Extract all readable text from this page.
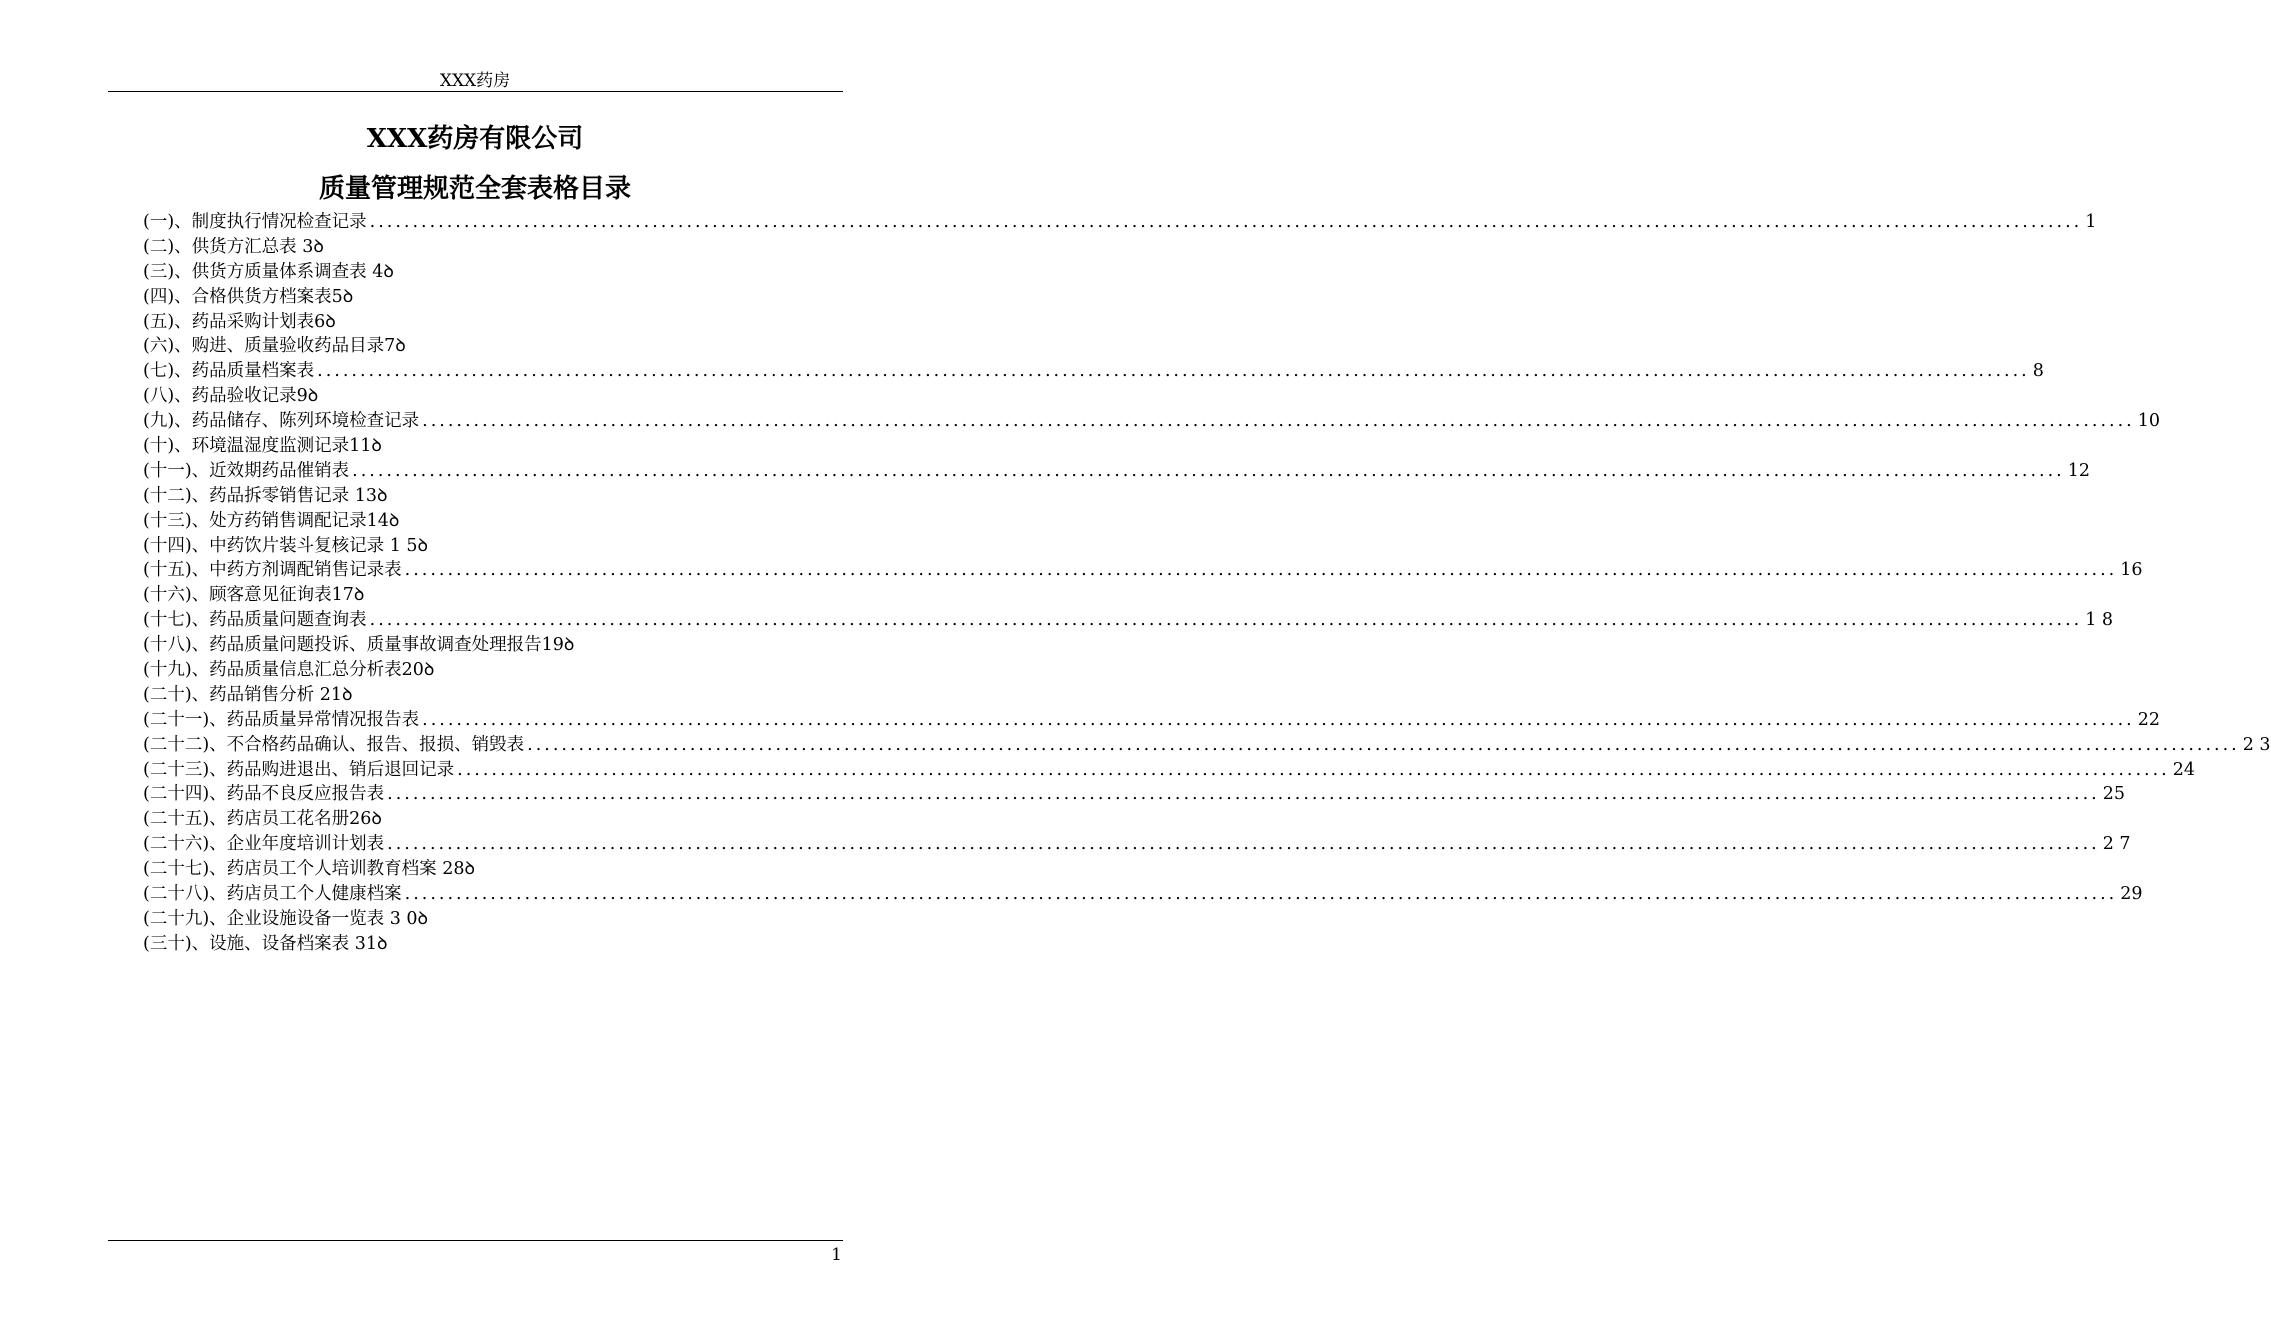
XXX药房
XXX药房有限公司
质量管理规范全套表格目录
(一)、制度执行情况检查记录 ........................................................................................................................................................................................................ 1
(二)、供货方汇总表 3ꝺ
(三)、供货方质量体系调查表 4ꝺ
(四)、合格供货方档案表5ꝺ
(五)、药品采购计划表6ꝺ
(六)、购进、质量验收药品目录7ꝺ
(七)、药品质量档案表 ........................................................................................................................................................................................................ 8
(八)、药品验收记录9ꝺ
(九)、药品储存、陈列环境检查记录 ........................................................................................................................................................................................................ 10
(十)、环境温湿度监测记录11ꝺ
(十一)、近效期药品催销表 ........................................................................................................................................................................................................ 12
(十二)、药品拆零销售记录 13ꝺ
(十三)、处方药销售调配记录14ꝺ
(十四)、中药饮片装斗复核记录 1 5ꝺ
(十五)、中药方剂调配销售记录表 ........................................................................................................................................................................................................ 16
(十六)、顾客意见征询表17ꝺ
(十七)、药品质量问题查询表 ........................................................................................................................................................................................................ 1 8
(十八)、药品质量问题投诉、质量事故调查处理报告19ꝺ
(十九)、药品质量信息汇总分析表20ꝺ
(二十)、药品销售分析 21ꝺ
(二十一)、药品质量异常情况报告表 ........................................................................................................................................................................................................ 22
(二十二)、不合格药品确认、报告、报损、销毁表 ........................................................................................................................................................................................................ 2 3
(二十三)、药品购进退出、销后退回记录 ........................................................................................................................................................................................................ 24
(二十四)、药品不良反应报告表 ........................................................................................................................................................................................................ 25
(二十五)、药店员工花名册26ꝺ
(二十六)、企业年度培训计划表 ........................................................................................................................................................................................................ 2 7
(二十七)、药店员工个人培训教育档案 28ꝺ
(二十八)、药店员工个人健康档案 ........................................................................................................................................................................................................ 29
(二十九)、企业设施设备一览表 3 0ꝺ
(三十)、设施、设备档案表 31ꝺ
1
